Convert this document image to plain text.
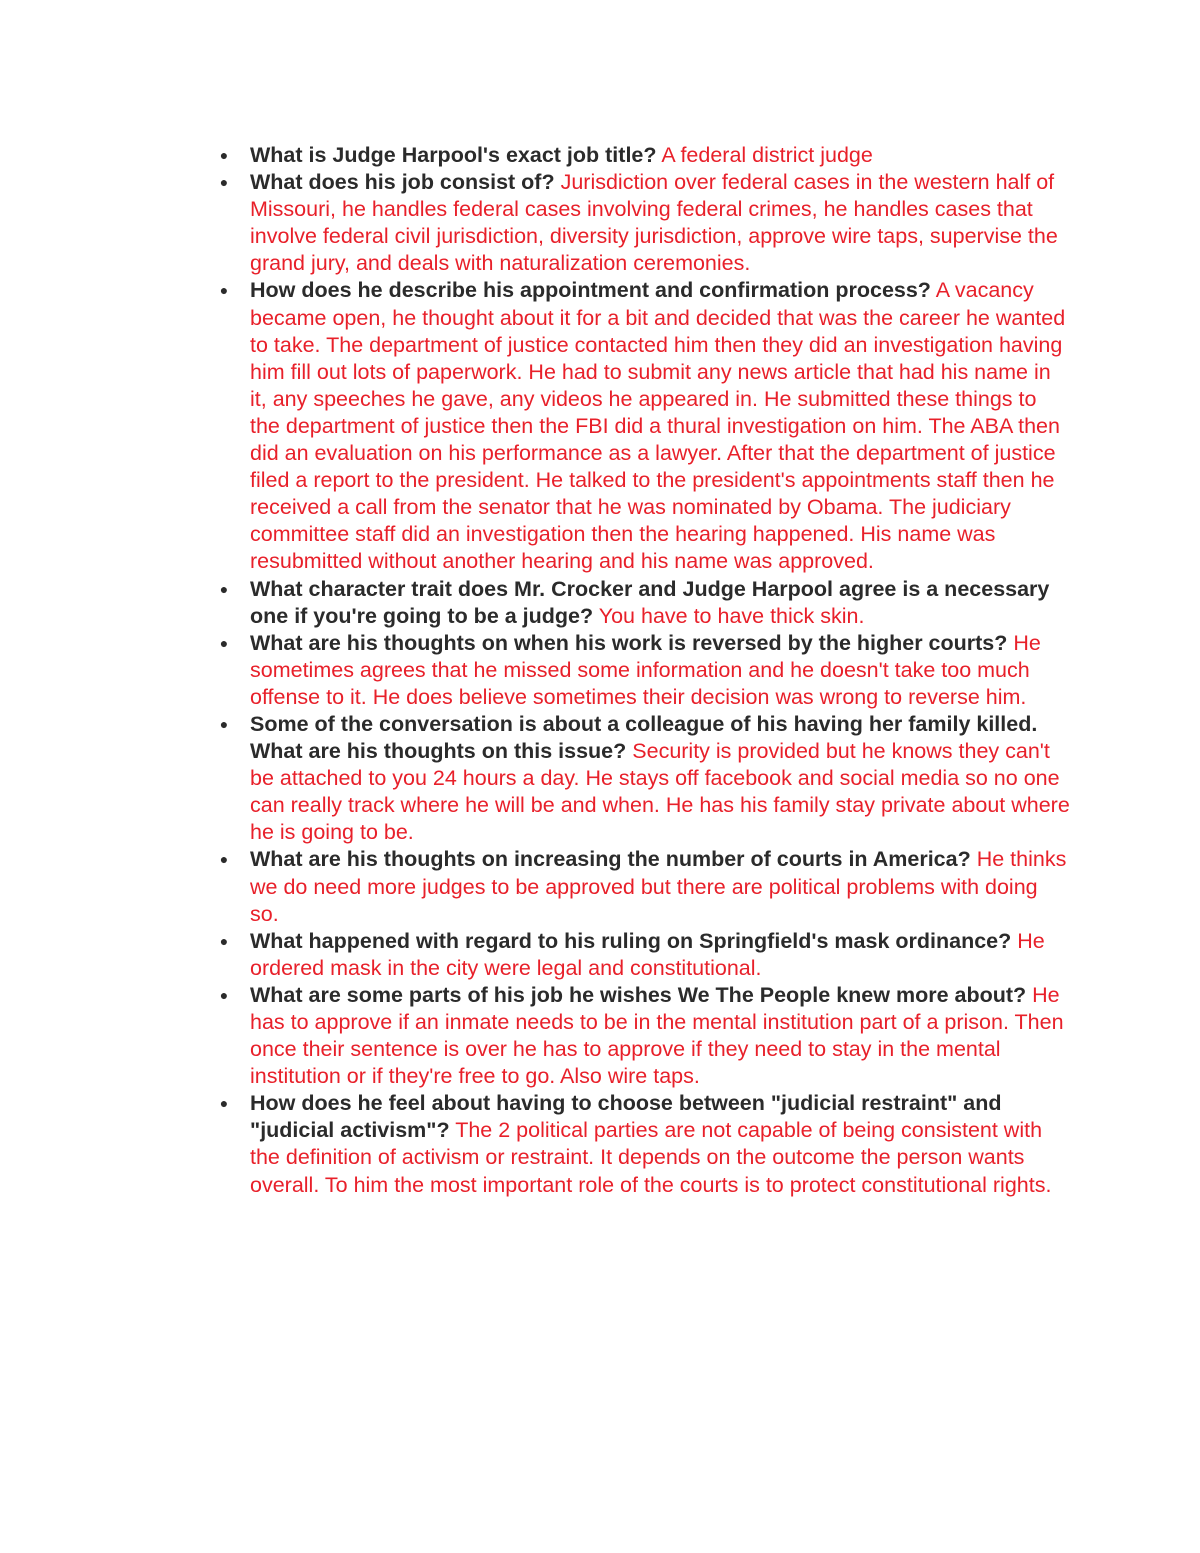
● What is Judge Harpool's exact job title? A federal district judge
● What does his job consist of? Jurisdiction over federal cases in the western half of Missouri, he handles federal cases involving federal crimes, he handles cases that involve federal civil jurisdiction, diversity jurisdiction, approve wire taps, supervise the grand jury, and deals with naturalization ceremonies.
● How does he describe his appointment and confirmation process? A vacancy became open, he thought about it for a bit and decided that was the career he wanted to take. The department of justice contacted him then they did an investigation having him fill out lots of paperwork. He had to submit any news article that had his name in it, any speeches he gave, any videos he appeared in. He submitted these things to the department of justice then the FBI did a thural investigation on him. The ABA then did an evaluation on his performance as a lawyer. After that the department of justice filed a report to the president. He talked to the president's appointments staff then he received a call from the senator that he was nominated by Obama. The judiciary committee staff did an investigation then the hearing happened. His name was resubmitted without another hearing and his name was approved.
● What character trait does Mr. Crocker and Judge Harpool agree is a necessary one if you're going to be a judge? You have to have thick skin.
● What are his thoughts on when his work is reversed by the higher courts? He sometimes agrees that he missed some information and he doesn't take too much offense to it. He does believe sometimes their decision was wrong to reverse him.
● Some of the conversation is about a colleague of his having her family killed. What are his thoughts on this issue? Security is provided but he knows they can't be attached to you 24 hours a day. He stays off facebook and social media so no one can really track where he will be and when. He has his family stay private about where he is going to be.
● What are his thoughts on increasing the number of courts in America? He thinks we do need more judges to be approved but there are political problems with doing so.
● What happened with regard to his ruling on Springfield's mask ordinance? He ordered mask in the city were legal and constitutional.
● What are some parts of his job he wishes We The People knew more about? He has to approve if an inmate needs to be in the mental institution part of a prison. Then once their sentence is over he has to approve if they need to stay in the mental institution or if they're free to go. Also wire taps.
● How does he feel about having to choose between "judicial restraint" and "judicial activism"? The 2 political parties are not capable of being consistent with the definition of activism or restraint. It depends on the outcome the person wants overall. To him the most important role of the courts is to protect constitutional rights.
